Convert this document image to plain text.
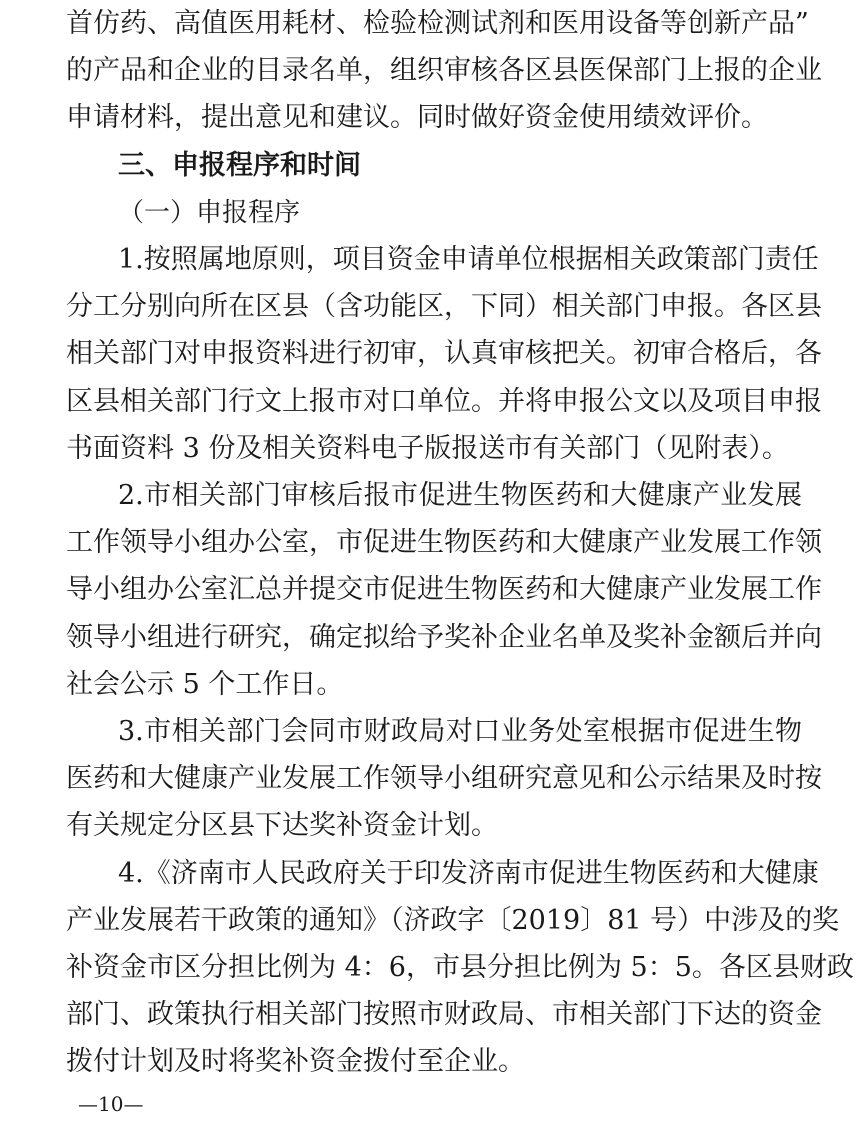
首仿药、高值医用耗材、检验检测试剂和医用设备等创新产品”
的产品和企业的目录名单，组织审核各区县医保部门上报的企业
申请材料，提出意见和建议。同时做好资金使用绩效评价。
三、申报程序和时间
（一）申报程序
1.按照属地原则，项目资金申请单位根据相关政策部门责任
分工分别向所在区县（含功能区，下同）相关部门申报。各区县
相关部门对申报资料进行初审，认真审核把关。初审合格后，各
区县相关部门行文上报市对口单位。并将申报公文以及项目申报
书面资料 3 份及相关资料电子版报送市有关部门（见附表）。
2.市相关部门审核后报市促进生物医药和大健康产业发展
工作领导小组办公室，市促进生物医药和大健康产业发展工作领
导小组办公室汇总并提交市促进生物医药和大健康产业发展工作
领导小组进行研究，确定拟给予奖补企业名单及奖补金额后并向
社会公示 5 个工作日。
3.市相关部门会同市财政局对口业务处室根据市促进生物
医药和大健康产业发展工作领导小组研究意见和公示结果及时按
有关规定分区县下达奖补资金计划。
4.《济南市人民政府关于印发济南市促进生物医药和大健康
产业发展若干政策的通知》（济政字〔2019〕81 号）中涉及的奖
补资金市区分担比例为 4：6，市县分担比例为 5：5。各区县财政
部门、政策执行相关部门按照市财政局、市相关部门下达的资金
拨付计划及时将奖补资金拨付至企业。
—10—
